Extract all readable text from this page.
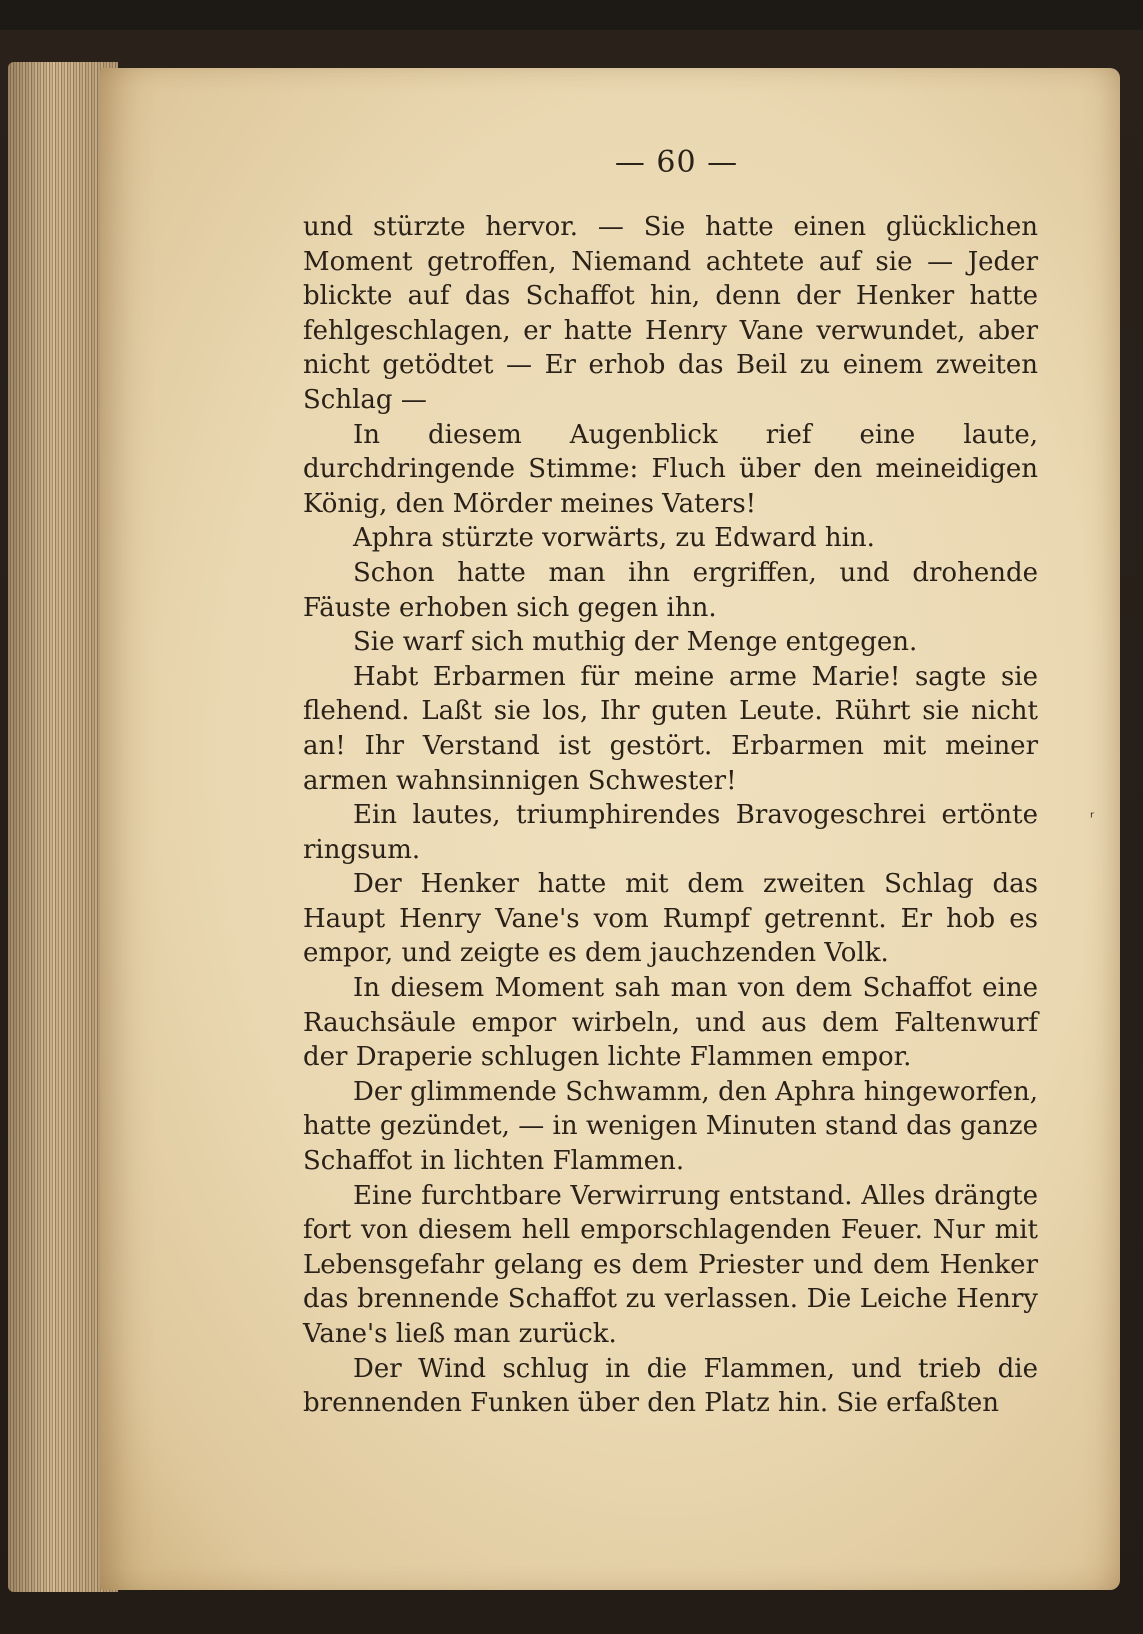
— 60 —

und stürzte hervor. — Sie hatte einen glücklichen Moment getroffen, Niemand achtete auf sie — Jeder blickte auf das Schaffot hin, denn der Henker hatte fehlgeschlagen, er hatte Henry Vane verwundet, aber nicht getödtet — Er erhob das Beil zu einem zweiten Schlag —

In diesem Augenblick rief eine laute, durchdringende Stimme: Fluch über den meineidigen König, den Mörder meines Vaters!

Aphra stürzte vorwärts, zu Edward hin.

Schon hatte man ihn ergriffen, und drohende Fäuste erhoben sich gegen ihn.

Sie warf sich muthig der Menge entgegen.

Habt Erbarmen für meine arme Marie! sagte sie flehend. Laßt sie los, Ihr guten Leute. Rührt sie nicht an! Ihr Verstand ist gestört. Erbarmen mit meiner armen wahnsinnigen Schwester!

Ein lautes, triumphirendes Bravogeschrei ertönte ringsum.

Der Henker hatte mit dem zweiten Schlag das Haupt Henry Vane's vom Rumpf getrennt. Er hob es empor, und zeigte es dem jauchzenden Volk.

In diesem Moment sah man von dem Schaffot eine Rauchsäule empor wirbeln, und aus dem Faltenwurf der Draperie schlugen lichte Flammen empor.

Der glimmende Schwamm, den Aphra hingeworfen, hatte gezündet, — in wenigen Minuten stand das ganze Schaffot in lichten Flammen.

Eine furchtbare Verwirrung entstand. Alles drängte fort von diesem hell emporschlagenden Feuer. Nur mit Lebensgefahr gelang es dem Priester und dem Henker das brennende Schaffot zu verlassen. Die Leiche Henry Vane's ließ man zurück.

Der Wind schlug in die Flammen, und trieb die brennenden Funken über den Platz hin. Sie erfaßten

ʳ
